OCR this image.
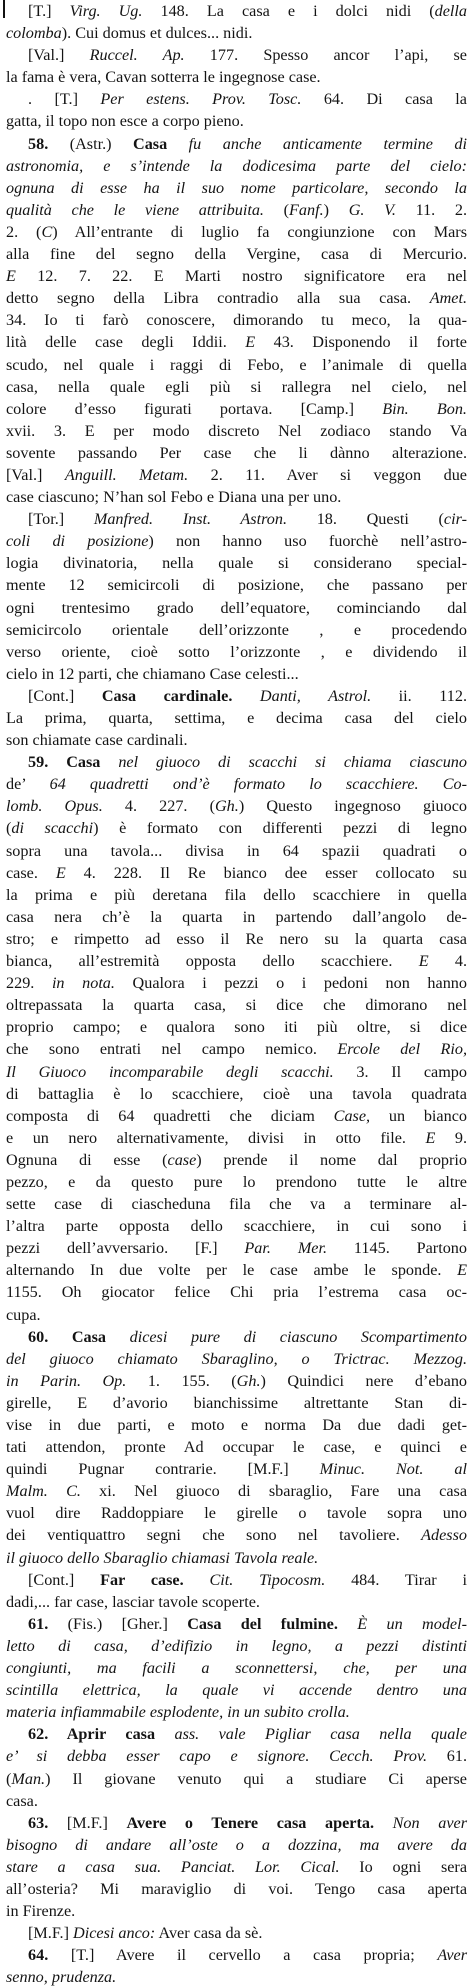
[T.] Virg. Ug. 148. La casa e i dolci nidi (della
colomba). Cui domus et dulces... nidi.
[Val.] Ruccel. Ap. 177. Spesso ancor l’api, se
la fama è vera, Cavan sotterra le ingegnose case.
. [T.] Per estens. Prov. Tosc. 64. Di casa la
gatta, il topo non esce a corpo pieno.
58. (Astr.) Casa fu anche anticamente termine di
astronomia, e s’intende la dodicesima parte del cielo:
ognuna di esse ha il suo nome particolare, secondo la
qualità che le viene attribuita. (Fanf.) G. V. 11. 2.
2. (C) All’entrante di luglio fa congiunzione con Mars
alla fine del segno della Vergine, casa di Mercurio.
E 12. 7. 22. E Marti nostro significatore era nel
detto segno della Libra contradio alla sua casa. Amet.
34. Io ti farò conoscere, dimorando tu meco, la qua-
lità delle case degli Iddii. E 43. Disponendo il forte
scudo, nel quale i raggi di Febo, e l’animale di quella
casa, nella quale egli più si rallegra nel cielo, nel
colore d’esso figurati portava. [Camp.] Bin. Bon.
xvii. 3. E per modo discreto Nel zodiaco stando Va
sovente passando Per case che li dànno alterazione.
[Val.] Anguill. Metam. 2. 11. Aver si veggon due
case ciascuno; N’han sol Febo e Diana una per uno.
[Tor.] Manfred. Inst. Astron. 18. Questi (cir-
coli di posizione) non hanno uso fuorchè nell’astro-
logia divinatoria, nella quale si considerano special-
mente 12 semicircoli di posizione, che passano per
ogni trentesimo grado dell’equatore, cominciando dal
semicircolo orientale dell’orizzonte , e procedendo
verso oriente, cioè sotto l’orizzonte , e dividendo il
cielo in 12 parti, che chiamano Case celesti...
[Cont.] Casa cardinale. Danti, Astrol. ii. 112.
La prima, quarta, settima, e decima casa del cielo
son chiamate case cardinali.
59. Casa nel giuoco di scacchi si chiama ciascuno
de’ 64 quadretti ond’è formato lo scacchiere. Co-
lomb. Opus. 4. 227. (Gh.) Questo ingegnoso giuoco
(di scacchi) è formato con differenti pezzi di legno
sopra una tavola... divisa in 64 spazii quadrati o
case. E 4. 228. Il Re bianco dee esser collocato su
la prima e più deretana fila dello scacchiere in quella
casa nera ch’è la quarta in partendo dall’angolo de-
stro; e rimpetto ad esso il Re nero su la quarta casa
bianca, all’estremità opposta dello scacchiere. E 4.
229. in nota. Qualora i pezzi o i pedoni non hanno
oltrepassata la quarta casa, si dice che dimorano nel
proprio campo; e qualora sono iti più oltre, si dice
che sono entrati nel campo nemico. Ercole del Rio,
Il Giuoco incomparabile degli scacchi. 3. Il campo
di battaglia è lo scacchiere, cioè una tavola quadrata
composta di 64 quadretti che diciam Case, un bianco
e un nero alternativamente, divisi in otto file. E 9.
Ognuna di esse (case) prende il nome dal proprio
pezzo, e da questo pure lo prendono tutte le altre
sette case di ciascheduna fila che va a terminare al-
l’altra parte opposta dello scacchiere, in cui sono i
pezzi dell’avversario. [F.] Par. Mer. 1145. Partono
alternando In due volte per le case ambe le sponde. E
1155. Oh giocator felice Chi pria l’estrema casa oc-
cupa.
60. Casa dicesi pure di ciascuno Scompartimento
del giuoco chiamato Sbaraglino, o Trictrac. Mezzog.
in Parin. Op. 1. 155. (Gh.) Quindici nere d’ebano
girelle, E d’avorio bianchissime altrettante Stan di-
vise in due parti, e moto e norma Da due dadi get-
tati attendon, pronte Ad occupar le case, e quinci e
quindi Pugnar contrarie. [M.F.] Minuc. Not. al
Malm. C. xi. Nel giuoco di sbaraglio, Fare una casa
vuol dire Raddoppiare le girelle o tavole sopra uno
dei ventiquattro segni che sono nel tavoliere. Adesso
il giuoco dello Sbaraglio chiamasi Tavola reale.
[Cont.] Far case. Cit. Tipocosm. 484. Tirar i
dadi,... far case, lasciar tavole scoperte.
61. (Fis.) [Gher.] Casa del fulmine. È un model-
letto di casa, d’edifizio in legno, a pezzi distinti
congiunti, ma facili a sconnettersi, che, per una
scintilla elettrica, la quale vi accende dentro una
materia infiammabile esplodente, in un subito crolla.
62. Aprir casa ass. vale Pigliar casa nella quale
e’ si debba esser capo e signore. Cecch. Prov. 61.
(Man.) Il giovane venuto qui a studiare Ci aperse
casa.
63. [M.F.] Avere o Tenere casa aperta. Non aver
bisogno di andare all’oste o a dozzina, ma avere da
stare a casa sua. Panciat. Lor. Cical. Io ogni sera
all’osteria? Mi maraviglio di voi. Tengo casa aperta
in Firenze.
[M.F.] Dicesi anco: Aver casa da sè.
64. [T.] Avere il cervello a casa propria; Aver
senno, prudenza.
